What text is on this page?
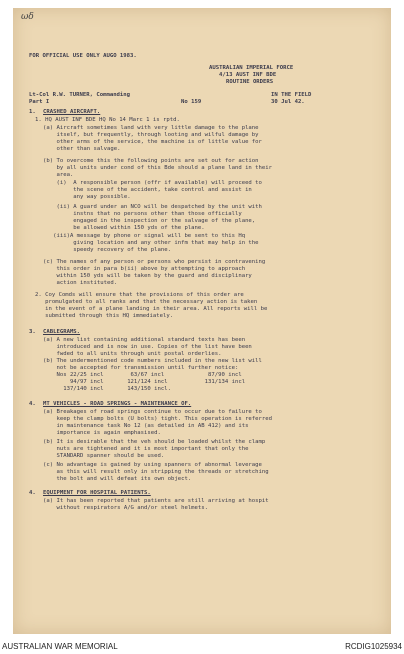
ωδ
FOR OFFICIAL USE ONLY AUGO 1983.
AUSTRALIAN IMPERIAL FORCE
4/13 AUST INF BDE
ROUTINE ORDERS
Lt-Col R.W. TURNER, Commanding
Part I	No 159
IN THE FIELD
30 Jul 42.
1. CRASHED AIRCRAFT.
1. HQ AUST INF BDE HQ No 14 Marc 1 is rptd.
(a) Aircraft sometimes land with very little damage to the plane
itself, but frequently, through looting and wilful damage by
other arms of the service, the machine is of little value for
other than salvage.
(b) To overcome this the following points are set out for action
by all units under cond of this Bde should a plane land in their
area.
(i)  A responsible person (offr if available) will proceed to
the scene of the accident, take control and assist in
any way possible.
(ii) A guard under an NCO will be despatched by the unit with
instns that no persons other than those officially
engaged in the inspection or the salvage of the plane,
be allowed within 150 yds of the plane.
(iii)A message by phone or signal will be sent to this Hq
giving location and any other infm that may help in the
speedy recovery of the plane.
(c) The names of any person or persons who persist in contravening
this order in para b(ii) above by attempting to approach
within 150 yds will be taken by the guard and disciplinary
action instituted.
2. Coy Comds will ensure that the provisions of this order are
promulgated to all ranks and that the necessary action is taken
in the event of a plane landing in their area. All reports will be
submitted through this HQ immediately.
3. CABLEGRAMS.
(a) A new list containing additional standard texts has been
introduced and is now in use. Copies of the list have been
fwded to all units through unit postal orderlies.
(b) The undermentioned code numbers included in the new list will
not be accepted for transmission until further notice:
Nos 22/25 incl        63/67 incl             87/90 incl
94/97 incl       121/124 incl           131/134 incl
137/140 incl       143/150 incl.
4. MT VEHICLES - ROAD SPRINGS - MAINTENANCE OF.
(a) Breakages of road springs continue to occur due to failure to
keep the clamp bolts (U bolts) tight. This operation is referred
in maintenance task No 12 (as detailed in AB 412) and its
importance is again emphasised.
(b) It is desirable that the veh should be loaded whilst the clamp
nuts are tightened and it is most important that only the
STANDARD spanner should be used.
(c) No advantage is gained by using spanners of abnormal leverage
as this will result only in stripping the threads or stretching
the bolt and will defeat its own object.
4. EQUIPMENT FOR HOSPITAL PATIENTS.
(a) It has been reported that patients are still arriving at hospit
without respirators A/G and/or steel helmets.
AUSTRALIAN WAR MEMORIAL	RCDIG1025934
